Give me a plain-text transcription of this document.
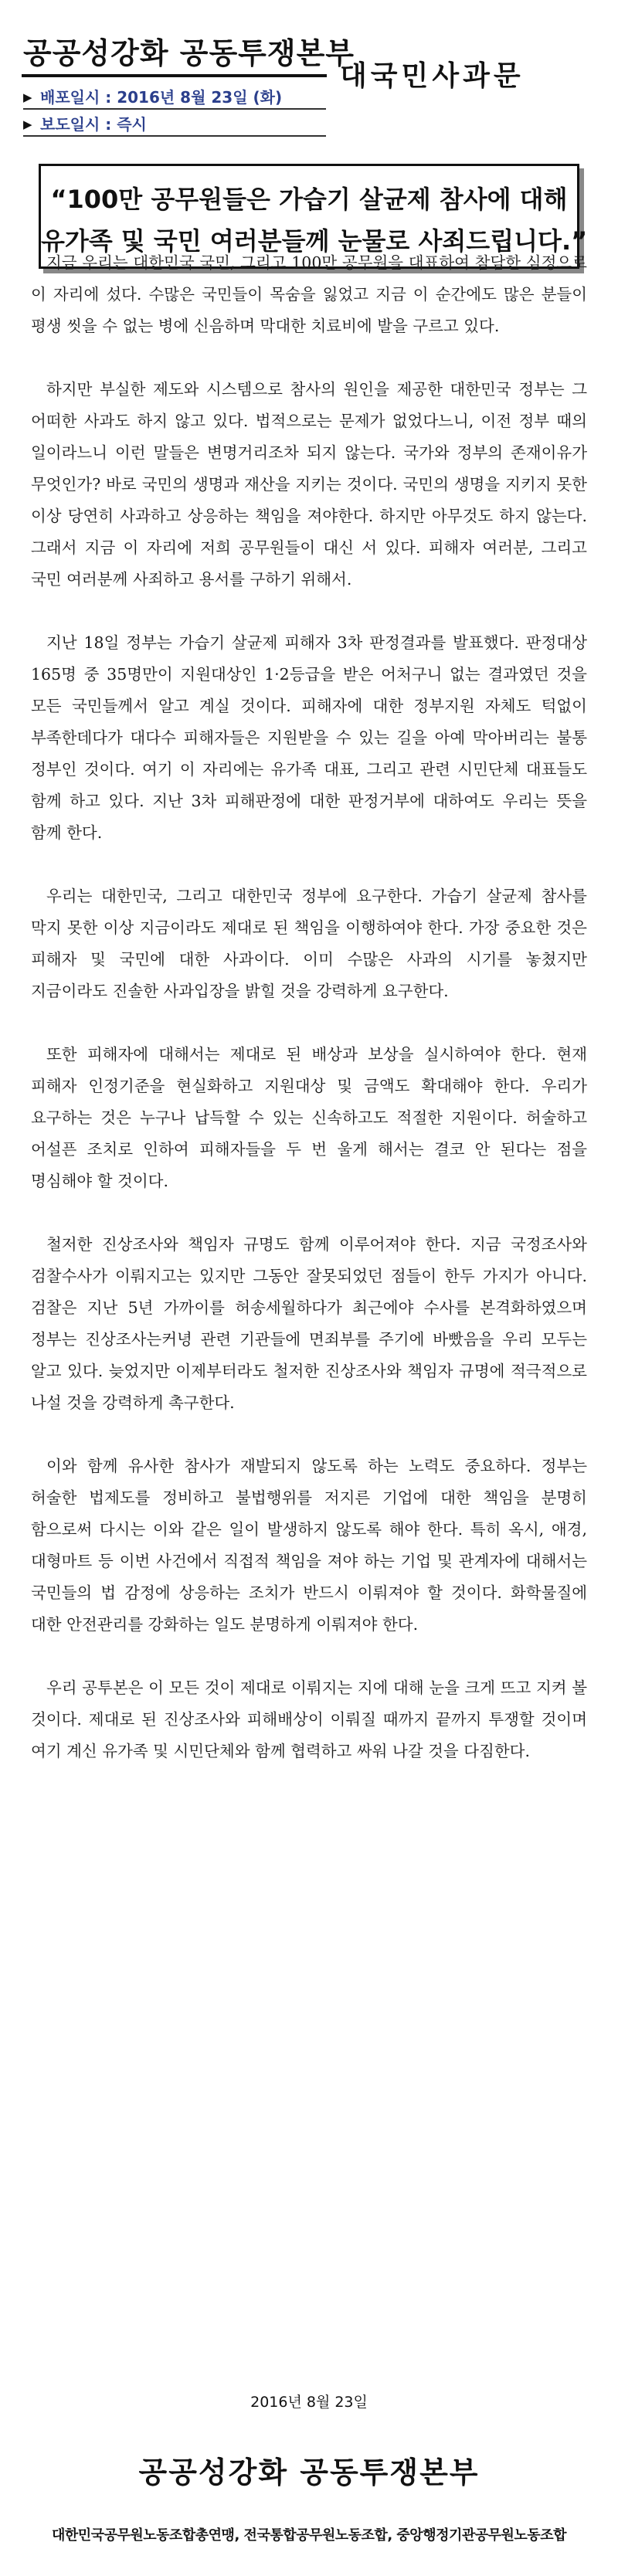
공공성강화 공동투쟁본부
▶ 배포일시 : 2016년 8월 23일 (화)
▶ 보도일시 : 즉시
대국민사과문
“100만 공무원들은 가습기 살균제 참사에 대해
유가족 및 국민 여러분들께 눈물로 사죄드립니다.”

지금 우리는 대한민국 국민, 그리고 100만 공무원을 대표하여 참담한 심정으로 이 자리에 섰다. 수많은 국민들이 목숨을 잃었고 지금 이 순간에도 많은 분들이 평생 씻을 수 없는 병에 신음하며 막대한 치료비에 발을 구르고 있다.

하지만 부실한 제도와 시스템으로 참사의 원인을 제공한 대한민국 정부는 그 어떠한 사과도 하지 않고 있다. 법적으로는 문제가 없었다느니, 이전 정부 때의 일이라느니 이런 말들은 변명거리조차 되지 않는다. 국가와 정부의 존재이유가 무엇인가? 바로 국민의 생명과 재산을 지키는 것이다. 국민의 생명을 지키지 못한 이상 당연히 사과하고 상응하는 책임을 져야한다. 하지만 아무것도 하지 않는다. 그래서 지금 이 자리에 저희 공무원들이 대신 서 있다. 피해자 여러분, 그리고 국민 여러분께 사죄하고 용서를 구하기 위해서.

지난 18일 정부는 가습기 살균제 피해자 3차 판정결과를 발표했다. 판정대상 165명 중 35명만이 지원대상인 1·2등급을 받은 어처구니 없는 결과였던 것을 모든 국민들께서 알고 계실 것이다. 피해자에 대한 정부지원 자체도 턱없이 부족한데다가 대다수 피해자들은 지원받을 수 있는 길을 아예 막아버리는 불통 정부인 것이다. 여기 이 자리에는 유가족 대표, 그리고 관련 시민단체 대표들도 함께 하고 있다. 지난 3차 피해판정에 대한 판정거부에 대하여도 우리는 뜻을 함께 한다.

우리는 대한민국, 그리고 대한민국 정부에 요구한다. 가습기 살균제 참사를 막지 못한 이상 지금이라도 제대로 된 책임을 이행하여야 한다. 가장 중요한 것은 피해자 및 국민에 대한 사과이다. 이미 수많은 사과의 시기를 놓쳤지만 지금이라도 진솔한 사과입장을 밝힐 것을 강력하게 요구한다.

또한 피해자에 대해서는 제대로 된 배상과 보상을 실시하여야 한다. 현재 피해자 인정기준을 현실화하고 지원대상 및 금액도 확대해야 한다. 우리가 요구하는 것은 누구나 납득할 수 있는 신속하고도 적절한 지원이다. 허술하고 어설픈 조치로 인하여 피해자들을 두 번 울게 해서는 결코 안 된다는 점을 명심해야 할 것이다.

철저한 진상조사와 책임자 규명도 함께 이루어져야 한다. 지금 국정조사와 검찰수사가 이뤄지고는 있지만 그동안 잘못되었던 점들이 한두 가지가 아니다. 검찰은 지난 5년 가까이를 허송세월하다가 최근에야 수사를 본격화하였으며 정부는 진상조사는커녕 관련 기관들에 면죄부를 주기에 바빴음을 우리 모두는 알고 있다. 늦었지만 이제부터라도 철저한 진상조사와 책임자 규명에 적극적으로 나설 것을 강력하게 촉구한다.

이와 함께 유사한 참사가 재발되지 않도록 하는 노력도 중요하다. 정부는 허술한 법제도를 정비하고 불법행위를 저지른 기업에 대한 책임을 분명히 함으로써 다시는 이와 같은 일이 발생하지 않도록 해야 한다. 특히 옥시, 애경, 대형마트 등 이번 사건에서 직접적 책임을 져야 하는 기업 및 관계자에 대해서는 국민들의 법 감정에 상응하는 조치가 반드시 이뤄져야 할 것이다. 화학물질에 대한 안전관리를 강화하는 일도 분명하게 이뤄져야 한다.

우리 공투본은 이 모든 것이 제대로 이뤄지는 지에 대해 눈을 크게 뜨고 지켜 볼 것이다. 제대로 된 진상조사와 피해배상이 이뤄질 때까지 끝까지 투쟁할 것이며 여기 계신 유가족 및 시민단체와 함께 협력하고 싸워 나갈 것을 다짐한다.

2016년 8월 23일
공공성강화 공동투쟁본부
대한민국공무원노동조합총연맹, 전국통합공무원노동조합, 중앙행정기관공무원노동조합
